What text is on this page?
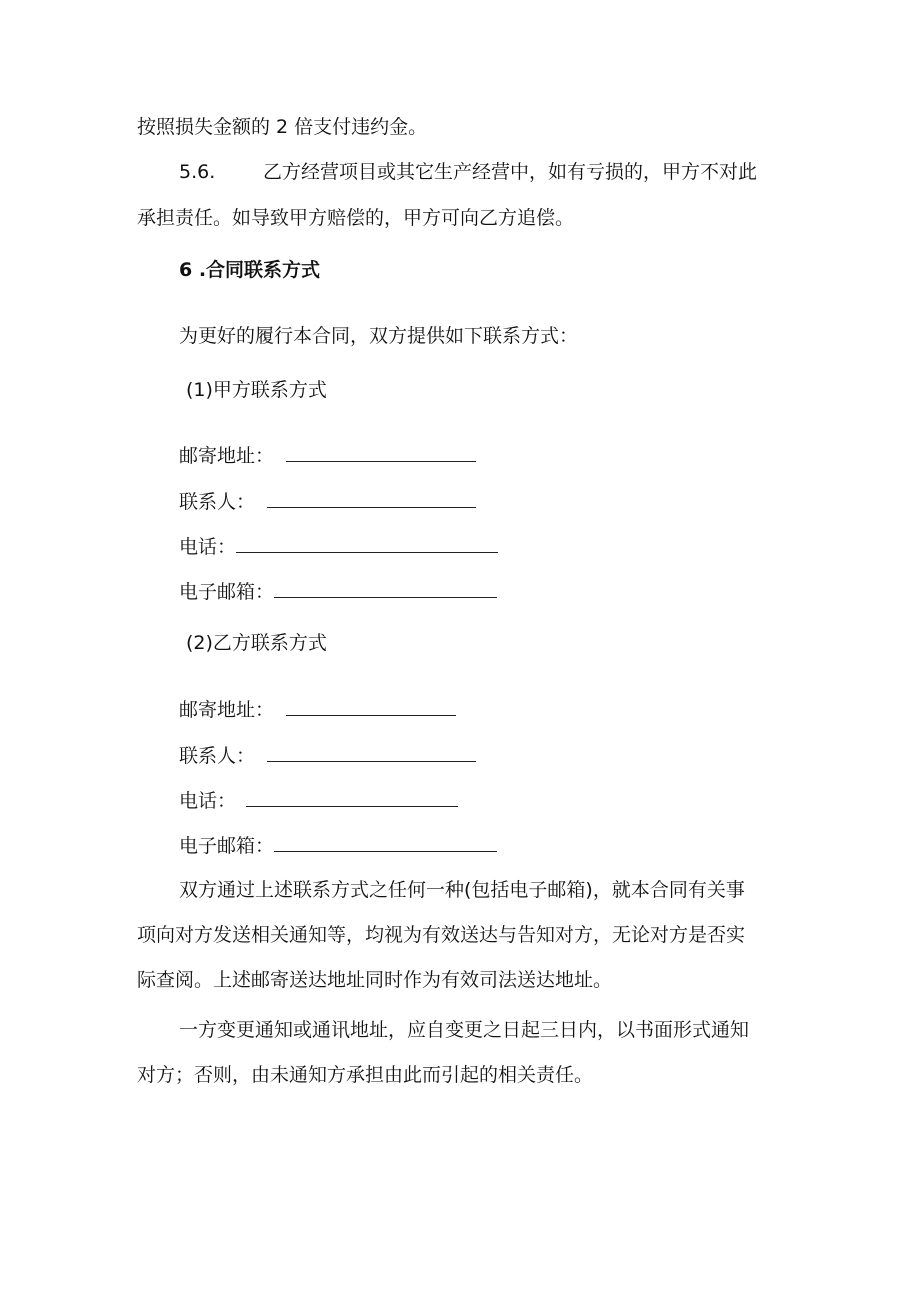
按照损失金额的 2 倍支付违约金。
5.6.	乙方经营项目或其它生产经营中，如有亏损的，甲方不对此
承担责任。如导致甲方赔偿的，甲方可向乙方追偿。
6 .合同联系方式
为更好的履行本合同，双方提供如下联系方式：
(1)甲方联系方式
邮寄地址：
联系人：
电话：
电子邮箱：
(2)乙方联系方式
邮寄地址：
联系人：
电话：
电子邮箱：
双方通过上述联系方式之任何一种(包括电子邮箱)，就本合同有关事
项向对方发送相关通知等，均视为有效送达与告知对方，无论对方是否实
际查阅。上述邮寄送达地址同时作为有效司法送达地址。
一方变更通知或通讯地址，应自变更之日起三日内，以书面形式通知
对方；否则，由未通知方承担由此而引起的相关责任。
